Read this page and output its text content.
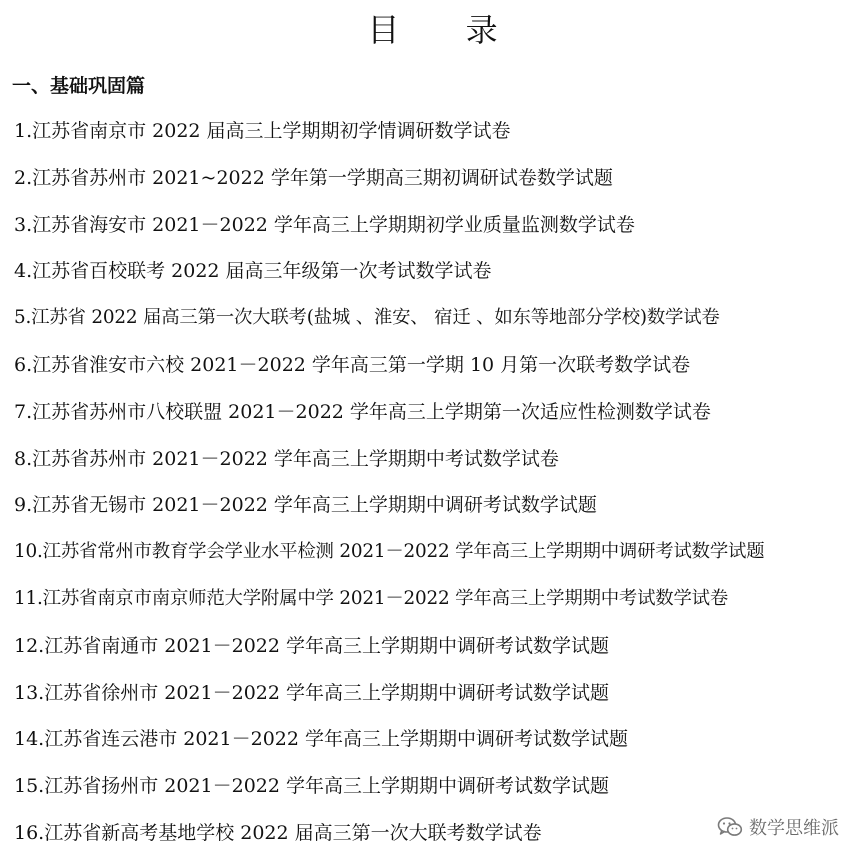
目 录
一、基础巩固篇
1.江苏省南京市 2022 届高三上学期期初学情调研数学试卷
2.江苏省苏州市 2021~2022 学年第一学期高三期初调研试卷数学试题
3.江苏省海安市 2021－2022 学年高三上学期期初学业质量监测数学试卷
4.江苏省百校联考 2022 届高三年级第一次考试数学试卷
5.江苏省 2022 届高三第一次大联考(盐城 、淮安、 宿迁 、如东等地部分学校)数学试卷
6.江苏省淮安市六校 2021－2022 学年高三第一学期 10 月第一次联考数学试卷
7.江苏省苏州市八校联盟 2021－2022 学年高三上学期第一次适应性检测数学试卷
8.江苏省苏州市 2021－2022 学年高三上学期期中考试数学试卷
9.江苏省无锡市 2021－2022 学年高三上学期期中调研考试数学试题
10.江苏省常州市教育学会学业水平检测 2021－2022 学年高三上学期期中调研考试数学试题
11.江苏省南京市南京师范大学附属中学 2021－2022 学年高三上学期期中考试数学试卷
12.江苏省南通市 2021－2022 学年高三上学期期中调研考试数学试题
13.江苏省徐州市 2021－2022 学年高三上学期期中调研考试数学试题
14.江苏省连云港市 2021－2022 学年高三上学期期中调研考试数学试题
15.江苏省扬州市 2021－2022 学年高三上学期期中调研考试数学试题
16.江苏省新高考基地学校 2022 届高三第一次大联考数学试卷	数学思维派
